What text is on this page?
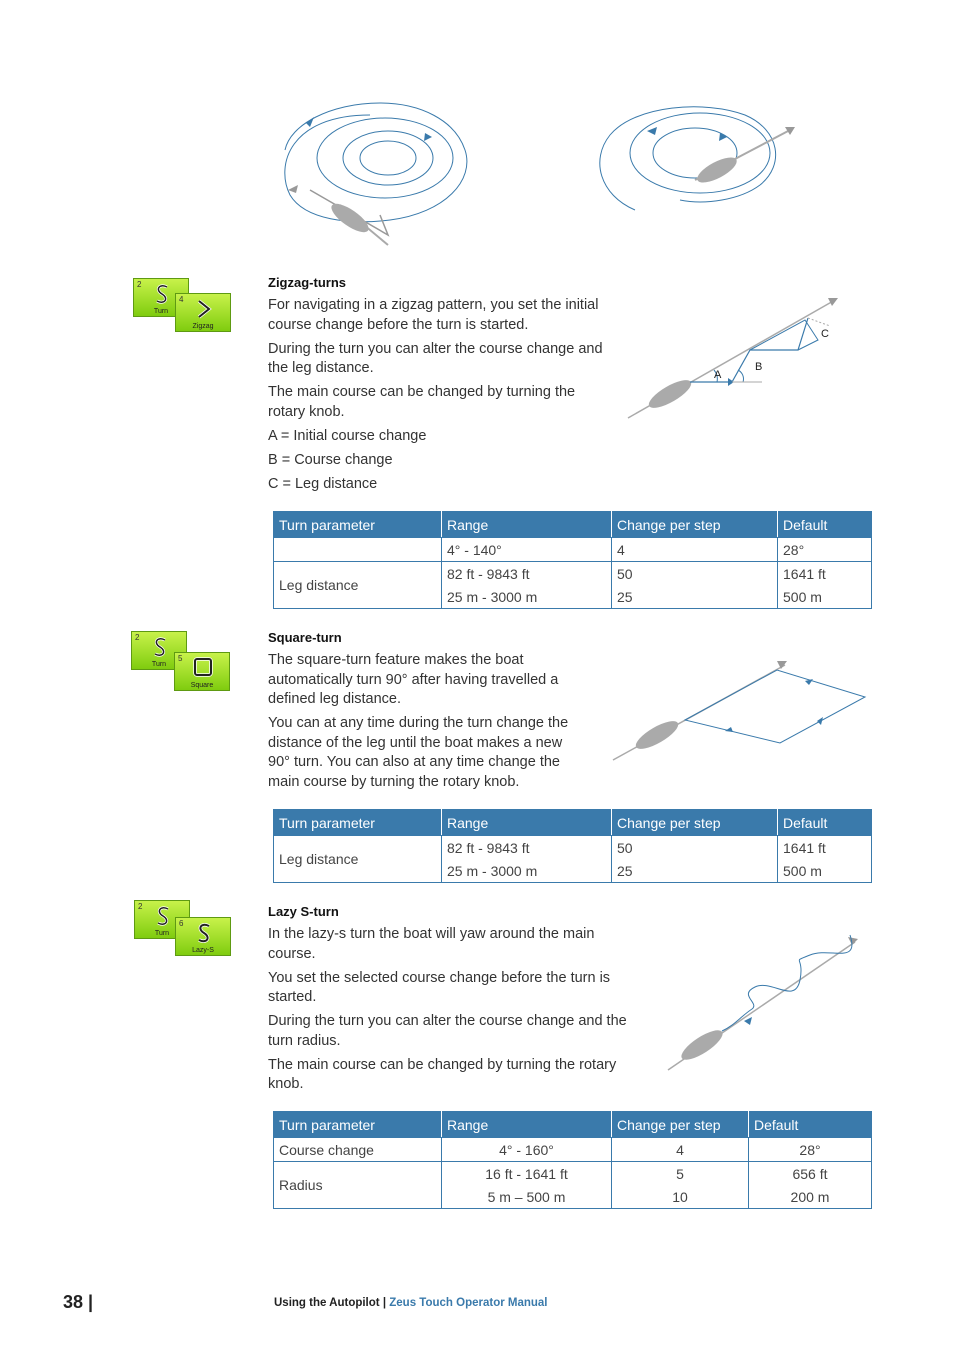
2
Turn
4
Zigzag
Zigzag-turns

For navigating in a zigzag pattern, you set the initial course change before the turn is started.

During the turn you can alter the course change and the leg distance.

The main course can be changed by turning the rotary knob.

A = Initial course change

B = Course change

C = Leg distance

A
B
C
Turn parameter	Range	Change per step	Default
	4° - 140°	4	28°
Leg distance	82 ft - 9843 ft	50	1641 ft
	25 m - 3000 m	25	500 m
2
Turn
5
Square
Square-turn

The square-turn feature makes the boat automatically turn 90° after having travelled a defined leg distance.

You can at any time during the turn change the distance of the leg until the boat makes a new 90° turn. You can also at any time change the main course by turning the rotary knob.

Turn parameter	Range	Change per step	Default
Leg distance	82 ft - 9843 ft	50	1641 ft
	25 m - 3000 m	25	500 m
2
Turn
6
Lazy-S
Lazy S-turn

In the lazy-s turn the boat will yaw around the main course.

You set the selected course change before the turn is started.

During the turn you can alter the course change and the turn radius.

The main course can be changed by turning the rotary knob.

Turn parameter	Range	Change per step	Default
Course change	4° - 160°	4	28°
Radius	16 ft - 1641 ft	5	656 ft
	5 m – 500 m	10	200 m
38 |	Using the Autopilot | Zeus Touch Operator Manual
